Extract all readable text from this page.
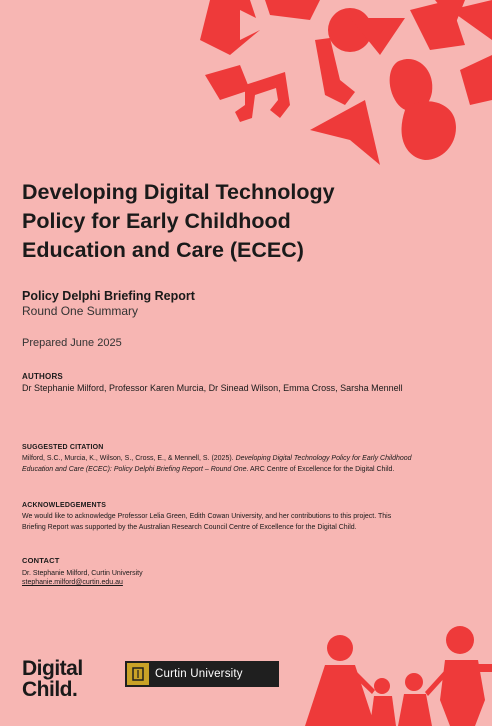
Developing Digital Technology
Policy for Early Childhood
Education and Care (ECEC)
Policy Delphi Briefing Report
Round One Summary
Prepared June 2025
AUTHORS
Dr Stephanie Milford, Professor Karen Murcia, Dr Sinead Wilson, Emma Cross, Sarsha Mennell
SUGGESTED CITATION
Milford, S.C., Murcia, K., Wilson, S., Cross, E., & Mennell, S. (2025). Developing Digital Technology Policy for Early Childhood Education and Care (ECEC): Policy Delphi Briefing Report – Round One. ARC Centre of Excellence for the Digital Child.
ACKNOWLEDGEMENTS
We would like to acknowledge Professor Lelia Green, Edith Cowan University, and her contributions to this project. This Briefing Report was supported by the Australian Research Council Centre of Excellence for the Digital Child.
CONTACT
Dr. Stephanie Milford, Curtin University
stephanie.milford@curtin.edu.au
Digital
Child.
Curtin University
